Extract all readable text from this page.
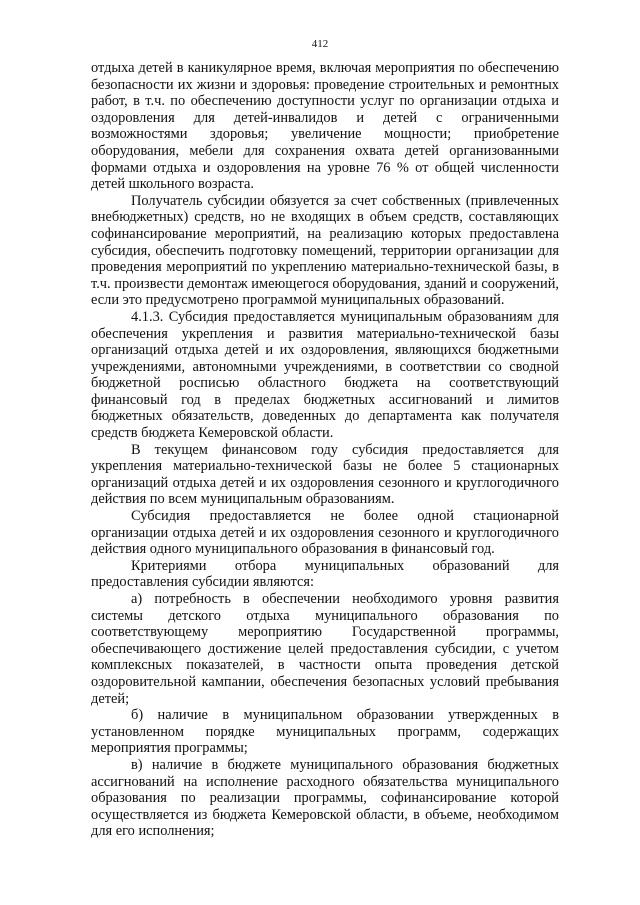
412

отдыха детей в каникулярное время, включая мероприятия по обеспечению безопасности их жизни и здоровья: проведение строительных и ремонтных работ, в т.ч. по обеспечению доступности услуг по организации отдыха и оздоровления для детей-инвалидов и детей с ограниченными возможностями здоровья; увеличение мощности; приобретение оборудования, мебели для сохранения охвата детей организованными формами отдыха и оздоровления на уровне 76 % от общей численности детей школьного возраста.

Получатель субсидии обязуется за счет собственных (привлеченных внебюджетных) средств, но не входящих в объем средств, составляющих софинансирование мероприятий, на реализацию которых предоставлена субсидия, обеспечить подготовку помещений, территории организации для проведения мероприятий по укреплению материально-технической базы, в т.ч. произвести демонтаж имеющегося оборудования, зданий и сооружений, если это предусмотрено программой муниципальных образований.

4.1.3. Субсидия предоставляется муниципальным образованиям для обеспечения укрепления и развития материально-технической базы организаций отдыха детей и их оздоровления, являющихся бюджетными учреждениями, автономными учреждениями, в соответствии со сводной бюджетной росписью областного бюджета на соответствующий финансовый год в пределах бюджетных ассигнований и лимитов бюджетных обязательств, доведенных до департамента как получателя средств бюджета Кемеровской области.

В текущем финансовом году субсидия предоставляется для укрепления материально-технической базы не более 5 стационарных организаций отдыха детей и их оздоровления сезонного и круглогодичного действия по всем муниципальным образованиям.

Субсидия предоставляется не более одной стационарной организации отдыха детей и их оздоровления сезонного и круглогодичного действия одного муниципального образования в финансовый год.

Критериями отбора муниципальных образований для предоставления субсидии являются:

а) потребность в обеспечении необходимого уровня развития системы детского отдыха муниципального образования по соответствующему мероприятию Государственной программы, обеспечивающего достижение целей предоставления субсидии, с учетом комплексных показателей, в частности опыта проведения детской оздоровительной кампании, обеспечения безопасных условий пребывания детей;

б) наличие в муниципальном образовании утвержденных в установленном порядке муниципальных программ, содержащих мероприятия программы;

в) наличие в бюджете муниципального образования бюджетных ассигнований на исполнение расходного обязательства муниципального образования по реализации программы, софинансирование которой осуществляется из бюджета Кемеровской области, в объеме, необходимом для его исполнения;
